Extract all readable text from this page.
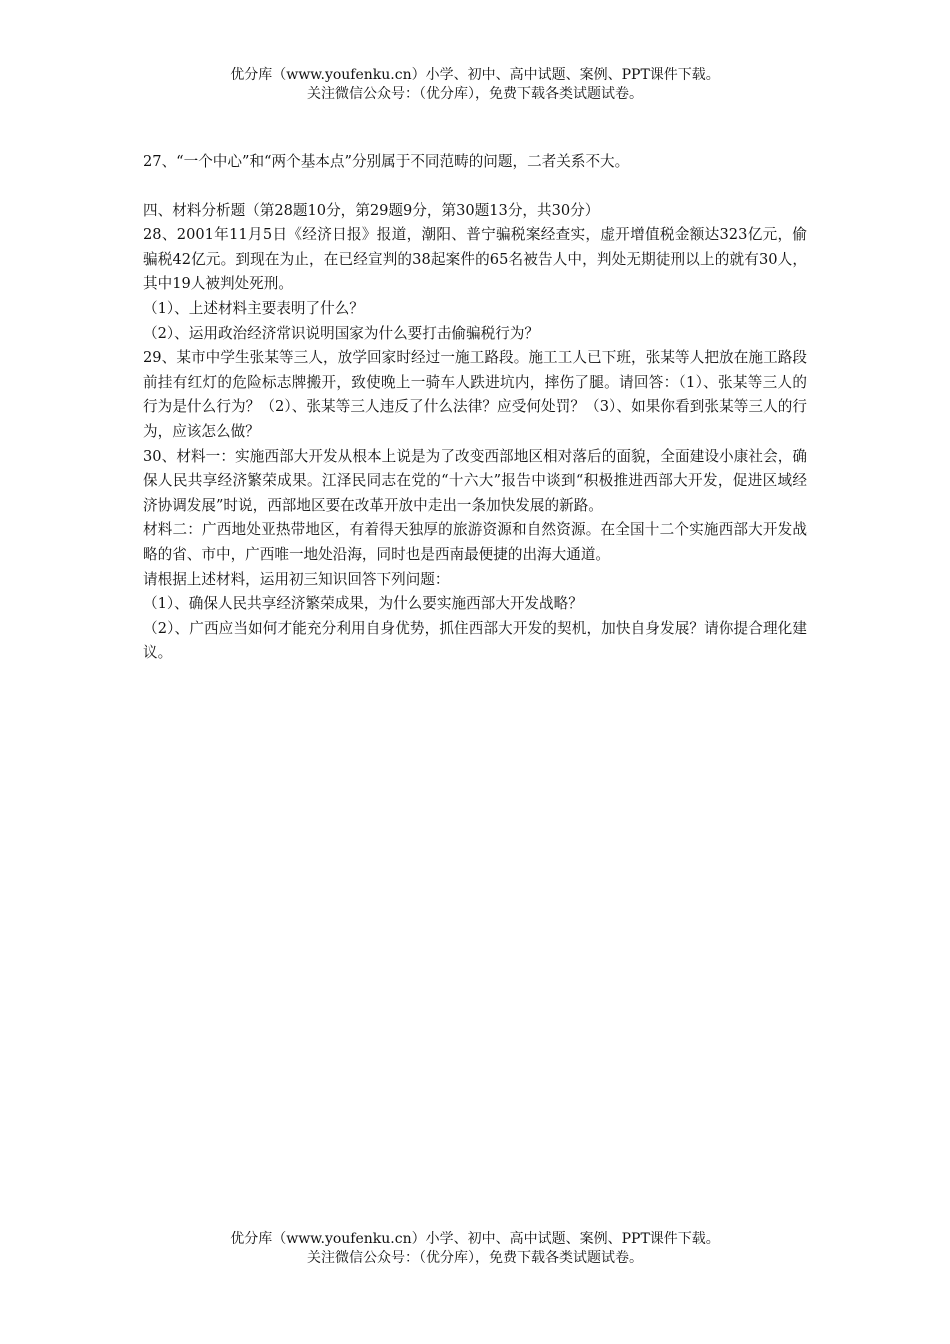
优分库（www.youfenku.cn）小学、初中、高中试题、案例、PPT课件下载。
关注微信公众号：（优分库），免费下载各类试题试卷。

27、“一个中心”和“两个基本点”分别属于不同范畴的问题，二者关系不大。

四、材料分析题（第28题10分，第29题9分，第30题13分，共30分）

28、2001年11月5日《经济日报》报道，潮阳、普宁骗税案经查实，虚开增值税金额达323亿元，偷骗税42亿元。到现在为止，在已经宣判的38起案件的65名被告人中，判处无期徒刑以上的就有30人，其中19人被判处死刑。

（1）、上述材料主要表明了什么？

（2）、运用政治经济常识说明国家为什么要打击偷骗税行为？

29、某市中学生张某等三人，放学回家时经过一施工路段。施工工人已下班，张某等人把放在施工路段前挂有红灯的危险标志牌搬开，致使晚上一骑车人跌进坑内，摔伤了腿。请回答：（1）、张某等三人的行为是什么行为？（2）、张某等三人违反了什么法律？应受何处罚？（3）、如果你看到张某等三人的行为，应该怎么做？

30、材料一：实施西部大开发从根本上说是为了改变西部地区相对落后的面貌，全面建设小康社会，确保人民共享经济繁荣成果。江泽民同志在党的“十六大”报告中谈到“积极推进西部大开发，促进区域经济协调发展”时说，西部地区要在改革开放中走出一条加快发展的新路。

材料二：广西地处亚热带地区，有着得天独厚的旅游资源和自然资源。在全国十二个实施西部大开发战略的省、市中，广西唯一地处沿海，同时也是西南最便捷的出海大通道。

请根据上述材料，运用初三知识回答下列问题：

（1）、确保人民共享经济繁荣成果，为什么要实施西部大开发战略？

（2）、广西应当如何才能充分利用自身优势，抓住西部大开发的契机，加快自身发展？请你提合理化建议。

优分库（www.youfenku.cn）小学、初中、高中试题、案例、PPT课件下载。
关注微信公众号：（优分库），免费下载各类试题试卷。
